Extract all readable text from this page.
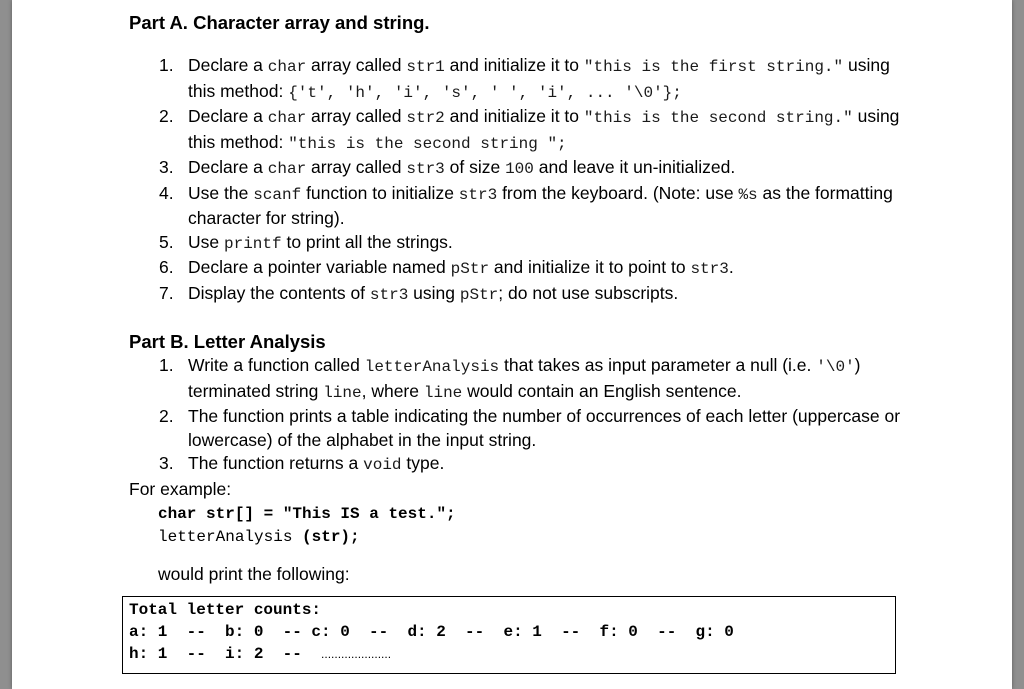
Part A. Character array and string.
1. Declare a char array called str1 and initialize it to "this is the first string." using this method: {'t', 'h', 'i', 's', ' ', 'i', ... '\0'};
2. Declare a char array called str2 and initialize it to "this is the second string." using this method: "this is the second string ";
3. Declare a char array called str3 of size 100 and leave it un-initialized.
4. Use the scanf function to initialize str3 from the keyboard. (Note: use %s as the formatting character for string).
5. Use printf to print all the strings.
6. Declare a pointer variable named pStr and initialize it to point to str3.
7. Display the contents of str3 using pStr; do not use subscripts.
Part B. Letter Analysis
1. Write a function called letterAnalysis that takes as input parameter a null (i.e. '\0') terminated string line, where line would contain an English sentence.
2. The function prints a table indicating the number of occurrences of each letter (uppercase or lowercase) of the alphabet in the input string.
3. The function returns a void type.
For example:
char str[] = "This IS a test.";
letterAnalysis (str);
would print the following:
Total letter counts:
a: 1  --  b: 0  -- c: 0  --  d: 2  --  e: 1  --  f: 0  --  g: 0
h: 1  --  i: 2  --  .....................
